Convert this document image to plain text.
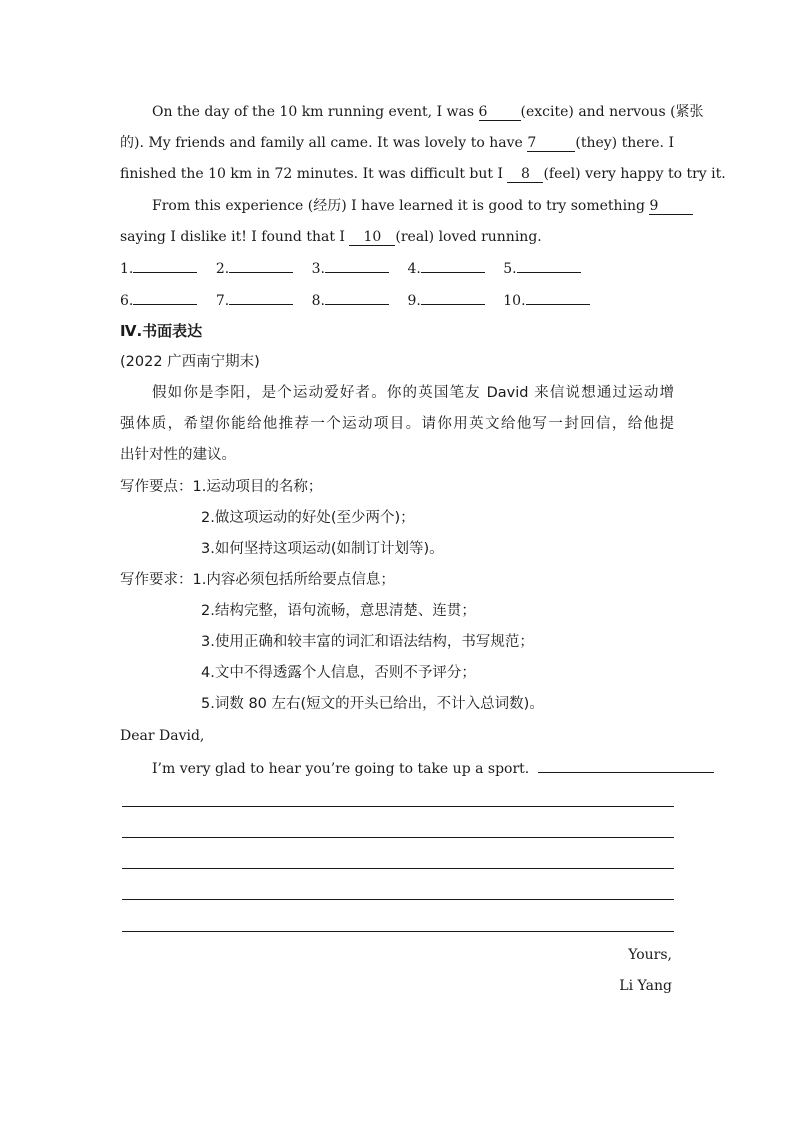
On the day of the 10 km running event, I was 6 (excite) and nervous (紧张
的). My friends and family all came. It was lovely to have 7	(they) there. I
finished the 10 km in 72 minutes. It was difficult but I 8 (feel) very happy to try it.
From this experience (经历) I have learned it is good to try something 9
saying I dislike it! I found that I 10 (real) loved running.
1.	2.	3.	4.	5.
6.	7.	8.	9.	10.
Ⅳ.书面表达
(2022 广西南宁期末)
假如你是李阳，是个运动爱好者。你的英国笔友 David 来信说想通过运动增
强体质，希望你能给他推荐一个运动项目。请你用英文给他写一封回信，给他提
出针对性的建议。
写作要点：1.运动项目的名称；
2.做这项运动的好处(至少两个)；
3.如何坚持这项运动(如制订计划等)。
写作要求：1.内容必须包括所给要点信息；
2.结构完整，语句流畅，意思清楚、连贯；
3.使用正确和较丰富的词汇和语法结构，书写规范；
4.文中不得透露个人信息，否则不予评分；
5.词数 80 左右(短文的开头已给出，不计入总词数)。
Dear David,
I’m very glad to hear you’re going to take up a sport.
Yours,
Li Yang
